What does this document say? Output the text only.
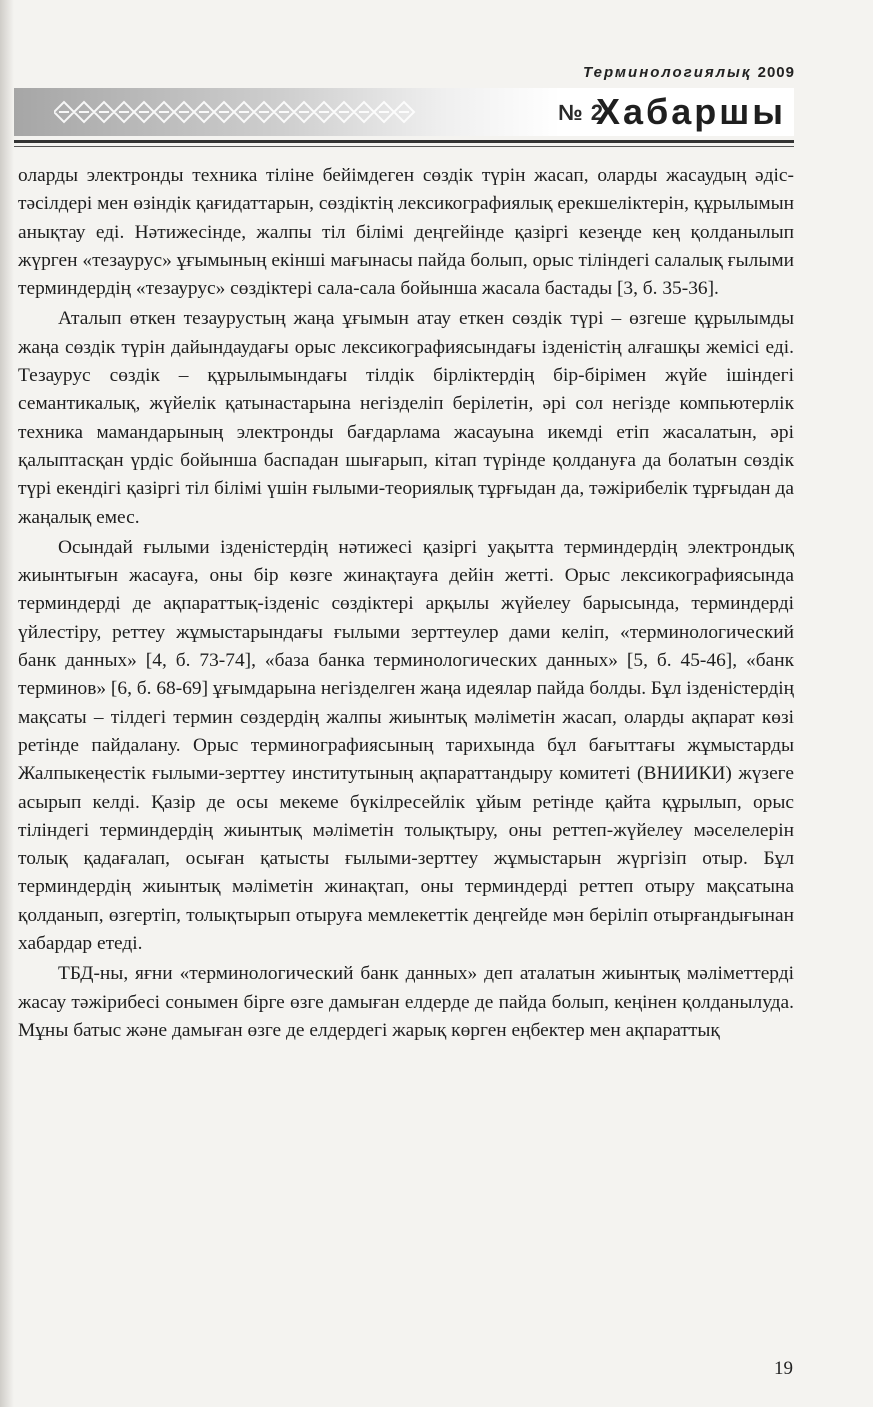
Терминологиялық 2009
№ 2
Хабаршы

оларды электронды техника тіліне бейімдеген сөздік түрін жасап, оларды жасаудың әдіс-тәсілдері мен өзіндік қағидаттарын, сөздіктің лексикографиялық ерекшеліктерін, құрылымын анықтау еді. Нәтижесінде, жалпы тіл білімі деңгейінде қазіргі кезеңде кең қолданылып жүрген «тезаурус» ұғымының екінші мағынасы пайда болып, орыс тіліндегі салалық ғылыми терминдердің «тезаурус» сөздіктері сала-сала бойынша жасала бастады [3, б. 35-36].

Аталып өткен тезаурустың жаңа ұғымын атау еткен сөздік түрі – өзгеше құрылымды жаңа сөздік түрін дайындаудағы орыс лексикографиясындағы ізденістің алғашқы жемісі еді. Тезаурус сөздік – құрылымындағы тілдік бірліктердің бір-бірімен жүйе ішіндегі семантикалық, жүйелік қатынастарына негізделіп берілетін, әрі сол негізде компьютерлік техника мамандарының электронды бағдарлама жасауына икемді етіп жасалатын, әрі қалыптасқан үрдіс бойынша баспадан шығарып, кітап түрінде қолдануға да болатын сөздік түрі екендігі қазіргі тіл білімі үшін ғылыми-теориялық тұрғыдан да, тәжірибелік тұрғыдан да жаңалық емес.

Осындай ғылыми ізденістердің нәтижесі қазіргі уақытта терминдердің электрондық жиынтығын жасауға, оны бір көзге жинақтауға дейін жетті. Орыс лексикографиясында терминдерді де ақпараттық-ізденіс сөздіктері арқылы жүйелеу барысында, терминдерді үйлестіру, реттеу жұмыстарындағы ғылыми зерттеулер дами келіп, «терминологический банк данных» [4, б. 73-74], «база банка терминологических данных» [5, б. 45-46], «банк терминов» [6, б. 68-69] ұғымдарына негізделген жаңа идеялар пайда болды. Бұл ізденістердің мақсаты – тілдегі термин сөздердің жалпы жиынтық мәліметін жасап, оларды ақпарат көзі ретінде пайдалану. Орыс терминографиясының тарихында бұл бағыттағы жұмыстарды Жалпыкеңестік ғылыми-зерттеу институтының ақпараттандыру комитеті (ВНИИКИ) жүзеге асырып келді. Қазір де осы мекеме бүкілресейлік ұйым ретінде қайта құрылып, орыс тіліндегі терминдердің жиынтық мәліметін толықтыру, оны реттеп-жүйелеу мәселелерін толық қадағалап, осыған қатысты ғылыми-зерттеу жұмыстарын жүргізіп отыр. Бұл терминдердің жиынтық мәліметін жинақтап, оны терминдерді реттеп отыру мақсатына қолданып, өзгертіп, толықтырып отыруға мемлекеттік деңгейде мән беріліп отырғандығынан хабардар етеді.

ТБД-ны, яғни «терминологический банк данных» деп аталатын жиынтық мәліметтерді жасау тәжірибесі сонымен бірге өзге дамыған елдерде де пайда болып, кеңінен қолданылуда. Мұны батыс және дамыған өзге де елдердегі жарық көрген еңбектер мен ақпараттық

19
